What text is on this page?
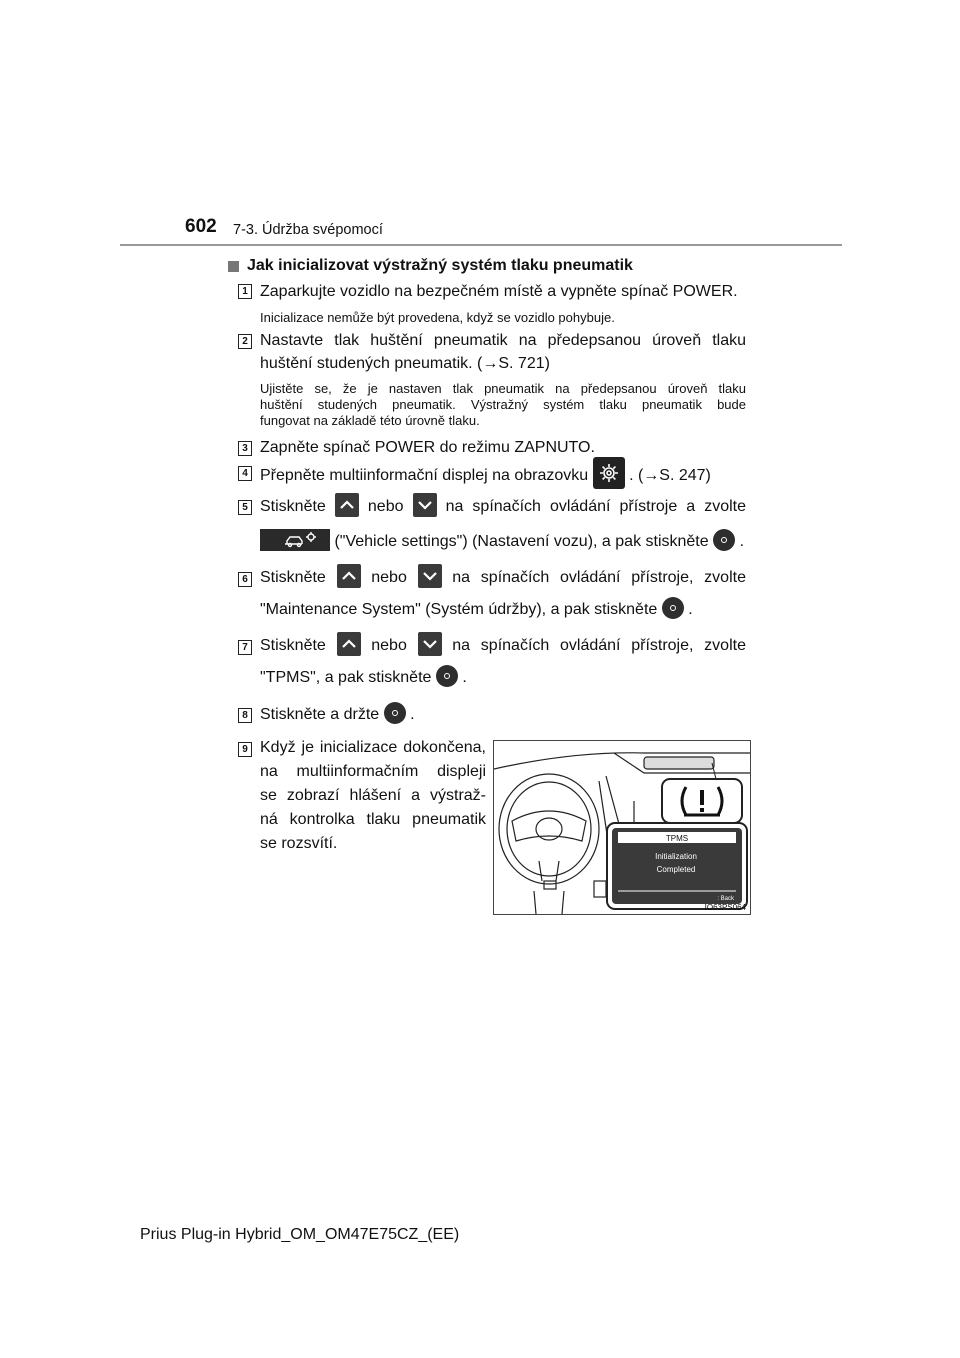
602 7-3. Údržba svépomocí
Jak inicializovat výstražný systém tlaku pneumatik
1 Zaparkujte vozidlo na bezpečném místě a vypněte spínač POWER.
Inicializace nemůže být provedena, když se vozidlo pohybuje.
2 Nastavte tlak huštění pneumatik na předepsanou úroveň tlaku
huštění studených pneumatik. (→S. 721)
Ujistěte se, že je nastaven tlak pneumatik na předepsanou úroveň tlaku
huštění studených pneumatik. Výstražný systém tlaku pneumatik bude
fungovat na základě této úrovně tlaku.
3 Zapněte spínač POWER do režimu ZAPNUTO.
4 Přepněte multiinformační displej na obrazovku	. (→S. 247)
5 Stiskněte	nebo	na spínačích ovládání přístroje a zvolte
("Vehicle settings") (Nastavení vozu), a pak stiskněte .
6 Stiskněte	nebo	na spínačích ovládání přístroje, zvolte
"Maintenance System" (Systém údržby), a pak stiskněte .
7 Stiskněte	nebo	na spínačích ovládání přístroje, zvolte
"TPMS", a pak stiskněte .
8 Stiskněte a držte .
9 Když je inicializace dokončena,
na multiinformačním displeji
se zobrazí hlášení a výstraž-
ná kontrolka tlaku pneumatik
se rozsvítí.	TPMS
Initialization
Completed
: Back
IO63PS064
Prius Plug-in Hybrid_OM_OM47E75CZ_(EE)
